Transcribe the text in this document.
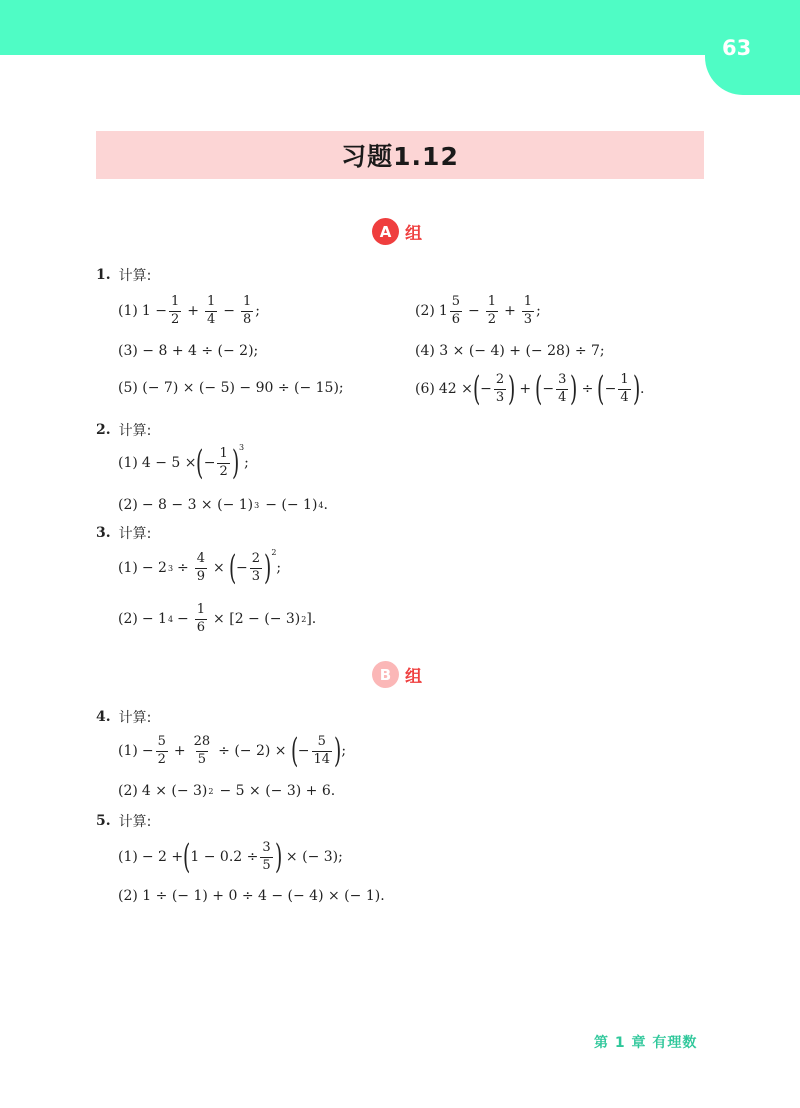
63
习题1.12
A 组
1. 计算:
(1) $1 - \frac{1}{2} + \frac{1}{4} - \frac{1}{8}$ ;	(2) $1 \frac{5}{6} - \frac{1}{2} + \frac{1}{3}$ ;
(3) − 8 + 4 ÷ (− 2);	(4) 3 × (− 4) + (− 28) ÷ 7;
(5) (− 7) × (− 5) − 90 ÷ (− 15);	(6) 42 × ( − $\frac{2}{3}$ ) + ( − $\frac{3}{4}$ ) ÷ ( − $\frac{1}{4}$ ) .
2. 计算:
(1) 4 − 5 × ( − $\frac{1}{2}$ ) 3
;
(2) − 8 − 3 × (− 1) 3 − (− 1) 4 .
3. 计算:
(1) − 2 $3 \div \frac{4}{9}$ × ( − $\frac{2}{3}$ ) 2
;
(2) − 1 $4 - \frac{1}{6} \times [2$ − (− 3) 2 ].
B 组
4. 计算:
$(1) - \frac{5}{2} + \frac{28}{5}$ ÷ (− 2) × ( − $\frac{5}{14}$ ) ;
(2) 4 × (− 3) 2 − 5 × (− 3) + 6.
5. 计算:
(1) − 2 + ( $1 - 0.2 \div \frac{3}{5}$ ) × (− 3);
(2) 1 ÷ (− 1) + 0 ÷ 4 − (− 4) × (− 1).
第 1 章 有理数
